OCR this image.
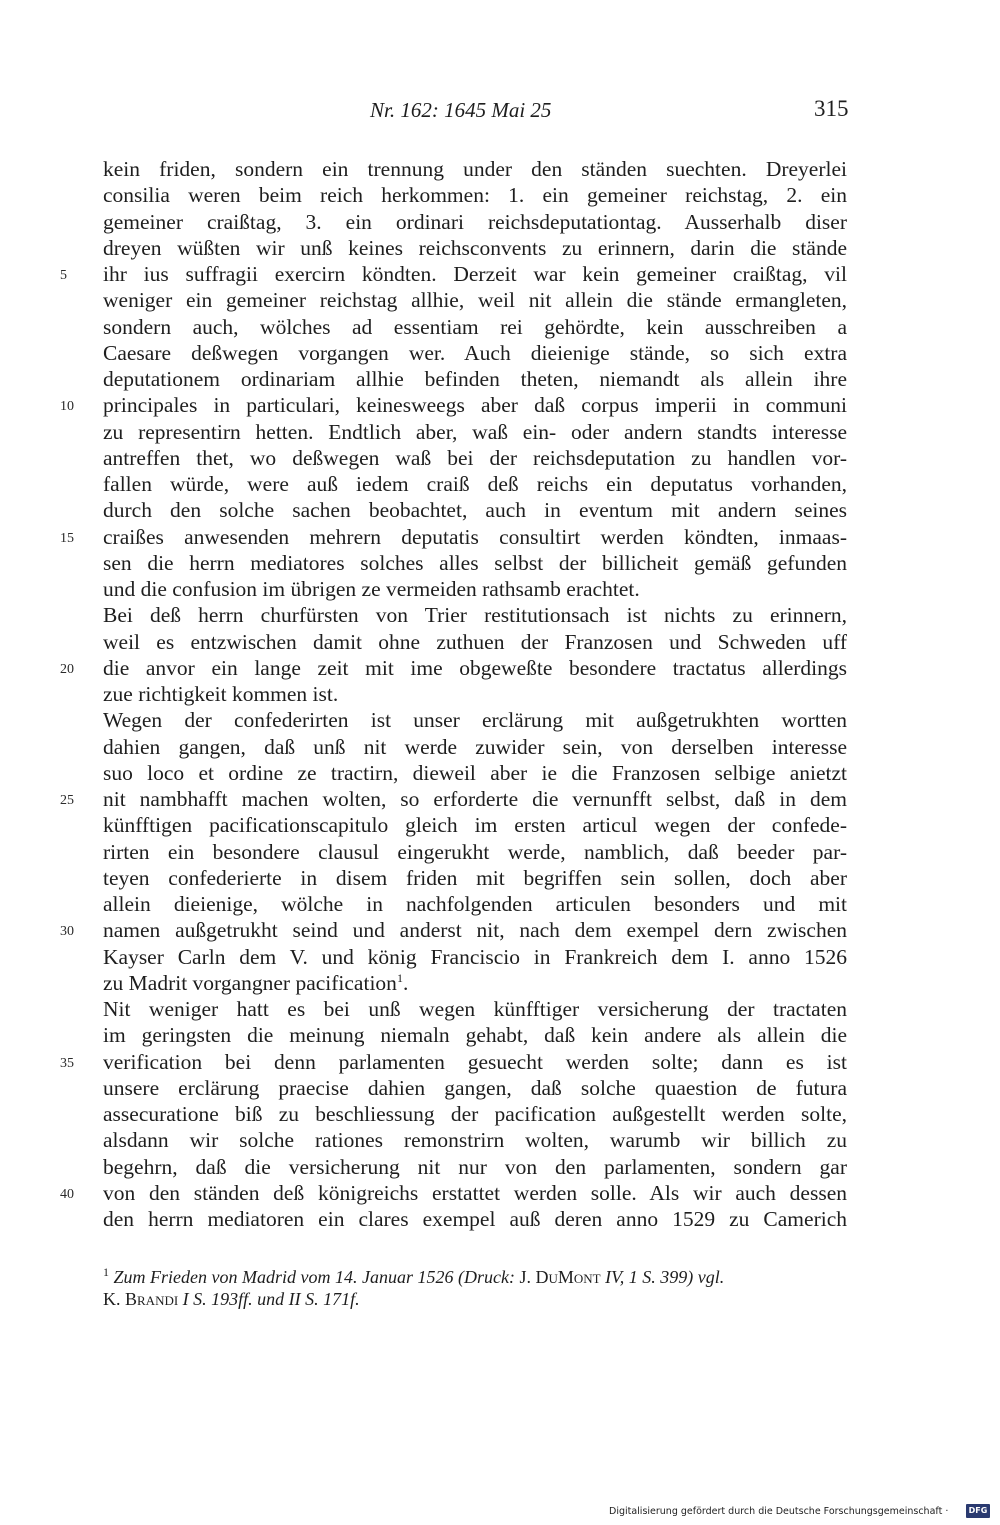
Nr. 162: 1645 Mai 25	315
kein friden, sondern ein trennung under den ständen suechten. Dreyerlei
consilia weren beim reich herkommen: 1. ein gemeiner reichstag, 2. ein
gemeiner craißtag, 3. ein ordinari reichsdeputationtag. Ausserhalb diser
dreyen wüßten wir unß keines reichsconvents zu erinnern, darin die stände
ihr ius suffragii exercirn köndten. Derzeit war kein gemeiner craißtag, vil
weniger ein gemeiner reichstag allhie, weil nit allein die stände ermangleten,
sondern auch, wölches ad essentiam rei gehördte, kein ausschreiben a
Caesare deßwegen vorgangen wer. Auch dieienige stände, so sich extra
deputationem ordinariam allhie befinden theten, niemandt als allein ihre
principales in particulari, keinesweegs aber daß corpus imperii in communi
zu representirn hetten. Endtlich aber, waß ein- oder andern standts interesse
antreffen thet, wo deßwegen waß bei der reichsdeputation zu handlen vor-
fallen würde, were auß iedem craiß deß reichs ein deputatus vorhanden,
durch den solche sachen beobachtet, auch in eventum mit andern seines
craißes anwesenden mehrern deputatis consultirt werden köndten, inmaas-
sen die herrn mediatores solches alles selbst der billicheit gemäß gefunden
und die confusion im übrigen ze vermeiden rathsamb erachtet.
Bei deß herrn churfürsten von Trier restitutionsach ist nichts zu erinnern,
weil es entzwischen damit ohne zuthuen der Franzosen und Schweden uff
die anvor ein lange zeit mit ime obgeweßte besondere tractatus allerdings
zue richtigkeit kommen ist.
Wegen der confederirten ist unser erclärung mit außgetrukhten wortten
dahien gangen, daß unß nit werde zuwider sein, von derselben interesse
suo loco et ordine ze tractirn, dieweil aber ie die Franzosen selbige anietzt
nit nambhafft machen wolten, so erforderte die vernunfft selbst, daß in dem
künfftigen pacificationscapitulo gleich im ersten articul wegen der confede-
rirten ein besondere clausul eingerukht werde, namblich, daß beeder par-
teyen confederierte in disem friden mit begriffen sein sollen, doch aber
allein dieienige, wölche in nachfolgenden articulen besonders und mit
namen außgetrukht seind und anderst nit, nach dem exempel dern zwischen
Kayser Carln dem V. und könig Franciscio in Frankreich dem I. anno 1526
zu Madrit vorgangner pacification$^1$.
Nit weniger hatt es bei unß wegen künfftiger versicherung der tractaten
im geringsten die meinung niemaln gehabt, daß kein andere als allein die
verification bei denn parlamenten gesuecht werden solte; dann es ist
unsere erclärung praecise dahien gangen, daß solche quaestion de futura
assecuratione biß zu beschliessung der pacification außgestellt werden solte,
alsdann wir solche rationes remonstrirn wolten, warumb wir billich zu
begehrn, daß die versicherung nit nur von den parlamenten, sondern gar
von den ständen deß königreichs erstattet werden solle. Als wir auch dessen
den herrn mediatoren ein clares exempel auß deren anno 1529 zu Camerich
5
10
15
20
25
30
35
40
$^1$ Zum Frieden von Madrid vom 14. Januar 1526 (Druck: J. DuMont IV, 1 S. 399) vgl.
K. Brandi I S. 193ff. und II S. 171f.
Digitalisierung gefördert durch die Deutsche Forschungsgemeinschaft ·	DFG
